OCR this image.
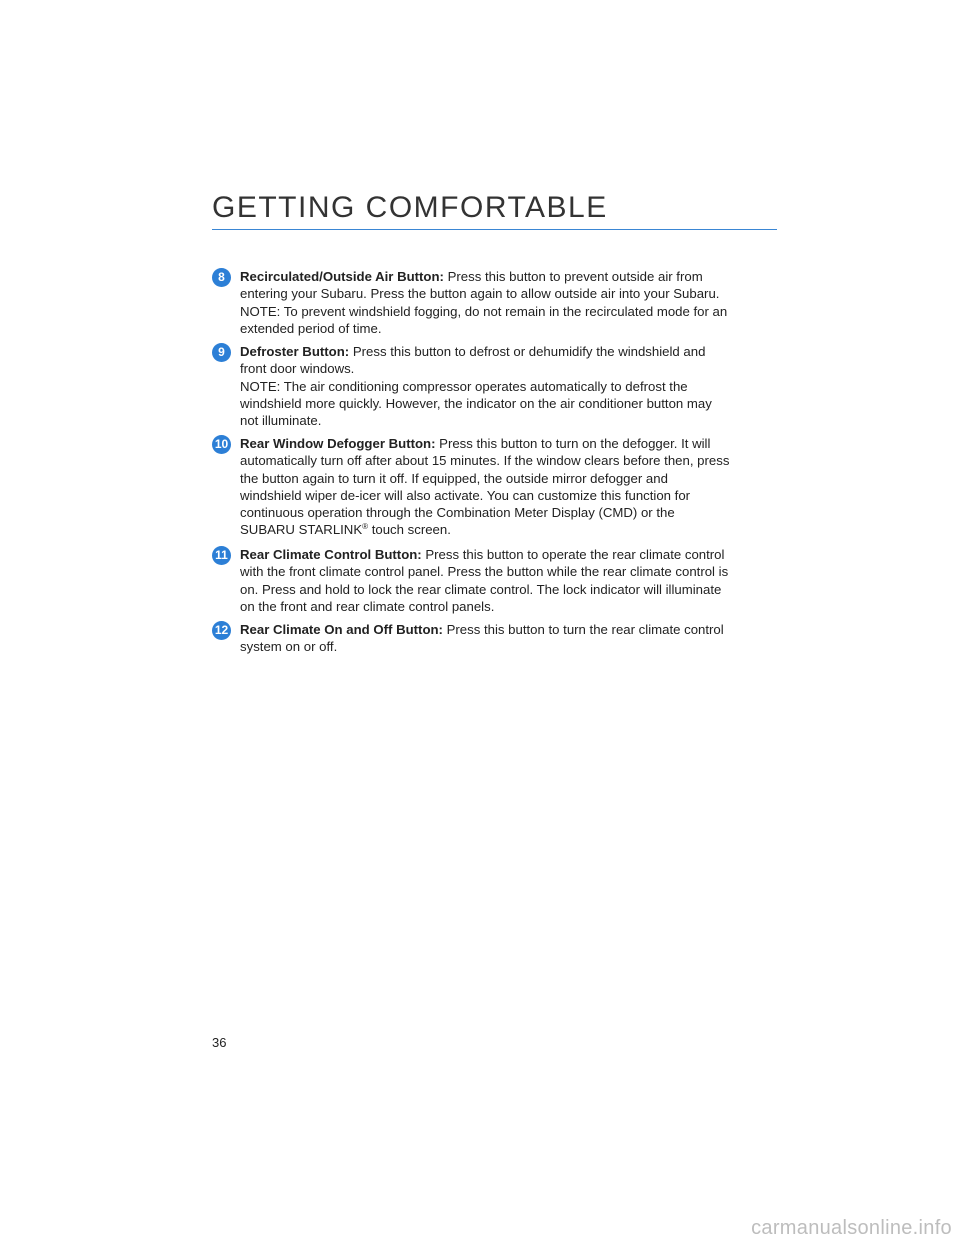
GETTING COMFORTABLE
8	Recirculated/Outside Air Button: Press this button to prevent outside air from entering your Subaru. Press the button again to allow outside air into your Subaru.

NOTE: To prevent windshield fogging, do not remain in the recirculated mode for an extended period of time.

9	Defroster Button: Press this button to defrost or dehumidify the windshield and front door windows.

NOTE: The air conditioning compressor operates automatically to defrost the windshield more quickly. However, the indicator on the air conditioner button may not illuminate.

10 Rear Window Defogger Button: Press this button to turn on the defogger. It will automatically turn off after about 15 minutes. If the window clears before then, press the button again to turn it off. If equipped, the outside mirror defogger and windshield wiper de-icer will also activate. You can customize this function for continuous operation through the Combination Meter Display (CMD) or the SUBARU STARLINK® touch screen.

11 Rear Climate Control Button: Press this button to operate the rear climate control with the front climate control panel. Press the button while the rear climate control is on. Press and hold to lock the rear climate control. The lock indicator will illuminate on the front and rear climate control panels.

12 Rear Climate On and Off Button: Press this button to turn the rear climate control system on or off.

36
carmanualsonline.info
